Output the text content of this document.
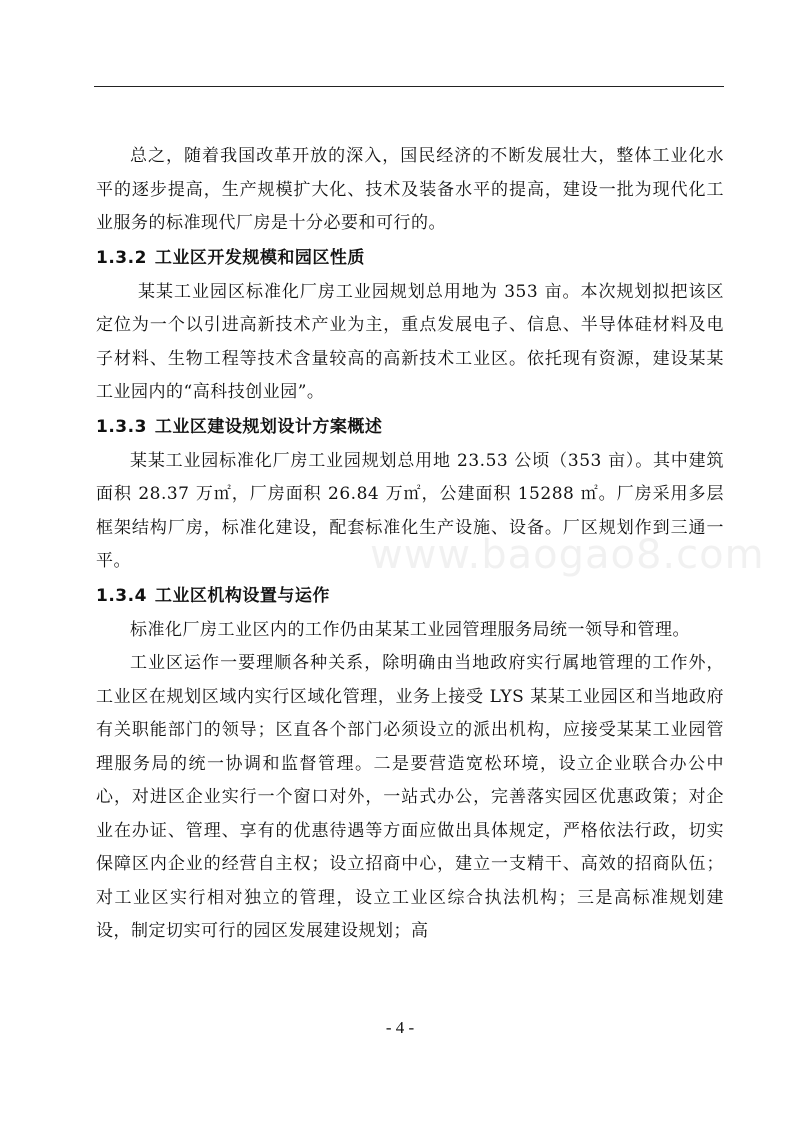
www.baogao8.com

总之，随着我国改革开放的深入，国民经济的不断发展壮大，整体工业化水平的逐步提高，生产规模扩大化、技术及装备水平的提高，建设一批为现代化工业服务的标准现代厂房是十分必要和可行的。

1.3.2 工业区开发规模和园区性质

某某工业园区标准化厂房工业园规划总用地为 353 亩。本次规划拟把该区定位为一个以引进高新技术产业为主，重点发展电子、信息、半导体硅材料及电子材料、生物工程等技术含量较高的高新技术工业区。依托现有资源，建设某某工业园内的“高科技创业园”。

1.3.3 工业区建设规划设计方案概述

某某工业园标准化厂房工业园规划总用地 23.53 公顷（353 亩）。其中建筑面积 28.37 万㎡，厂房面积 26.84 万㎡，公建面积 15288 ㎡。厂房采用多层框架结构厂房，标准化建设，配套标准化生产设施、设备。厂区规划作到三通一平。

1.3.4 工业区机构设置与运作

标准化厂房工业区内的工作仍由某某工业园管理服务局统一领导和管理。

工业区运作一要理顺各种关系，除明确由当地政府实行属地管理的工作外，工业区在规划区域内实行区域化管理，业务上接受 LYS 某某工业园区和当地政府有关职能部门的领导；区直各个部门必须设立的派出机构，应接受某某工业园管理服务局的统一协调和监督管理。二是要营造宽松环境，设立企业联合办公中心，对进区企业实行一个窗口对外，一站式办公，完善落实园区优惠政策；对企业在办证、管理、享有的优惠待遇等方面应做出具体规定，严格依法行政，切实保障区内企业的经营自主权；设立招商中心，建立一支精干、高效的招商队伍；对工业区实行相对独立的管理，设立工业区综合执法机构；三是高标准规划建设，制定切实可行的园区发展建设规划；高

- 4 -
